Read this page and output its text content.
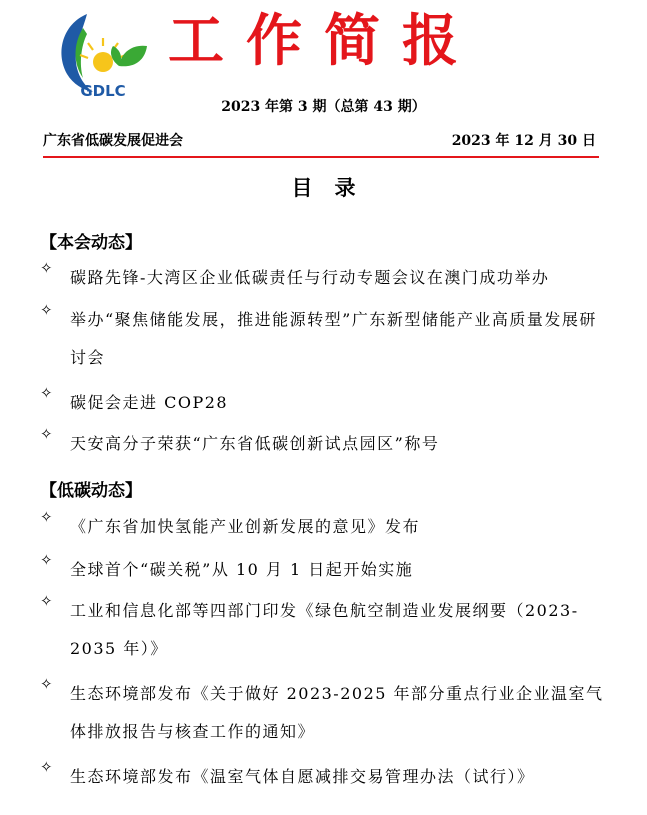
GDLC
工作简报
2023 年第 3 期（总第 43 期）
广东省低碳发展促进会	2023 年 12 月 30 日
目录
【本会动态】
✧	碳路先锋-大湾区企业低碳责任与行动专题会议在澳门成功举办
✧	举办“聚焦储能发展，推进能源转型”广东新型储能产业高质量发展研讨会
✧	碳促会走进 COP28
✧	天安高分子荣获“广东省低碳创新试点园区”称号
【低碳动态】
✧	《广东省加快氢能产业创新发展的意见》发布
✧	全球首个“碳关税”从 10 月 1 日起开始实施
✧	工业和信息化部等四部门印发《绿色航空制造业发展纲要（2023-2035 年）》
✧	生态环境部发布《关于做好 2023-2025 年部分重点行业企业温室气体排放报告与核查工作的通知》
✧	生态环境部发布《温室气体自愿减排交易管理办法（试行）》
